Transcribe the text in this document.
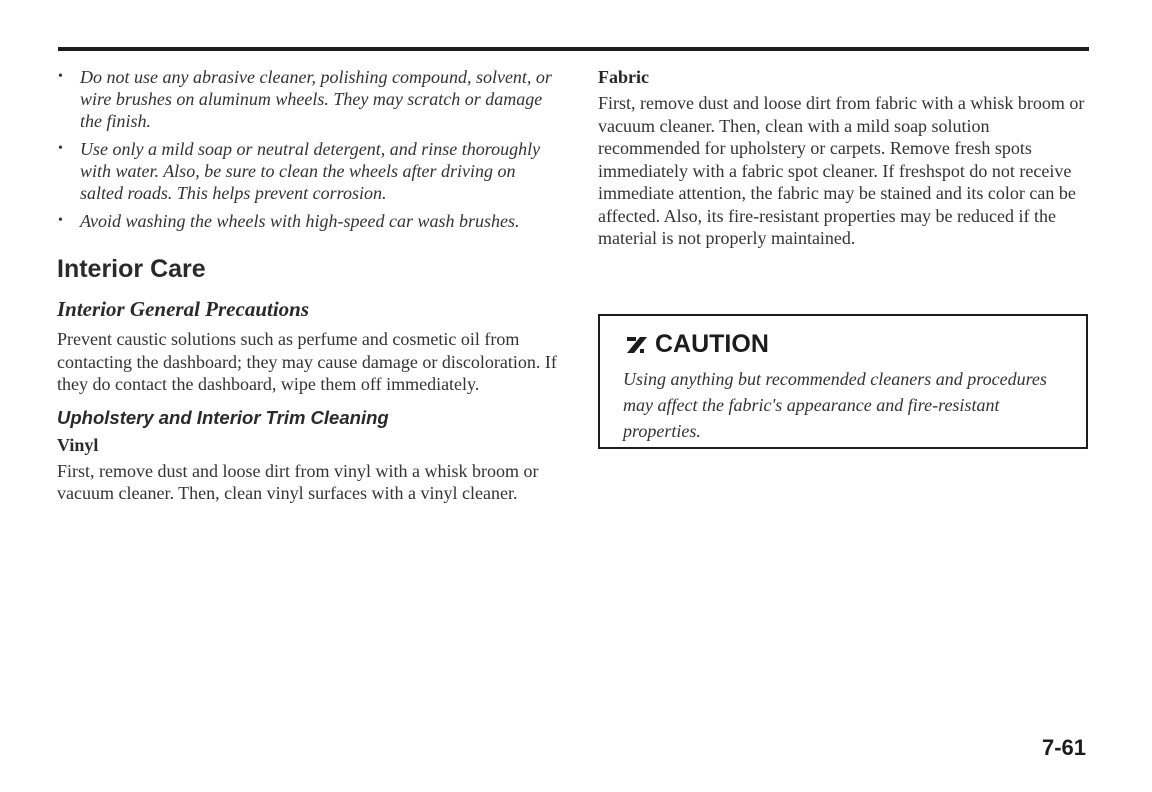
• Do not use any abrasive cleaner, polishing compound, solvent, or wire brushes on aluminum wheels. They may scratch or damage the finish.
• Use only a mild soap or neutral detergent, and rinse thoroughly with water. Also, be sure to clean the wheels after driving on salted roads. This helps prevent corrosion.
• Avoid washing the wheels with high-speed car wash brushes.
Interior Care
Interior General Precautions

Prevent caustic solutions such as perfume and cosmetic oil from contacting the dashboard; they may cause damage or discoloration. If they do contact the dashboard, wipe them off immediately.

Upholstery and Interior Trim Cleaning
Vinyl

First, remove dust and loose dirt from vinyl with a whisk broom or vacuum cleaner. Then, clean vinyl surfaces with a vinyl cleaner.

Fabric

First, remove dust and loose dirt from fabric with a whisk broom or vacuum cleaner. Then, clean with a mild soap solution recommended for upholstery or carpets. Remove fresh spots immediately with a fabric spot cleaner. If freshspot do not receive immediate attention, the fabric may be stained and its color can be affected. Also, its fire-resistant properties may be reduced if the material is not properly maintained.

CAUTION
Using anything but recommended cleaners and procedures may affect the fabric's appearance and fire-resistant properties.
7-61
